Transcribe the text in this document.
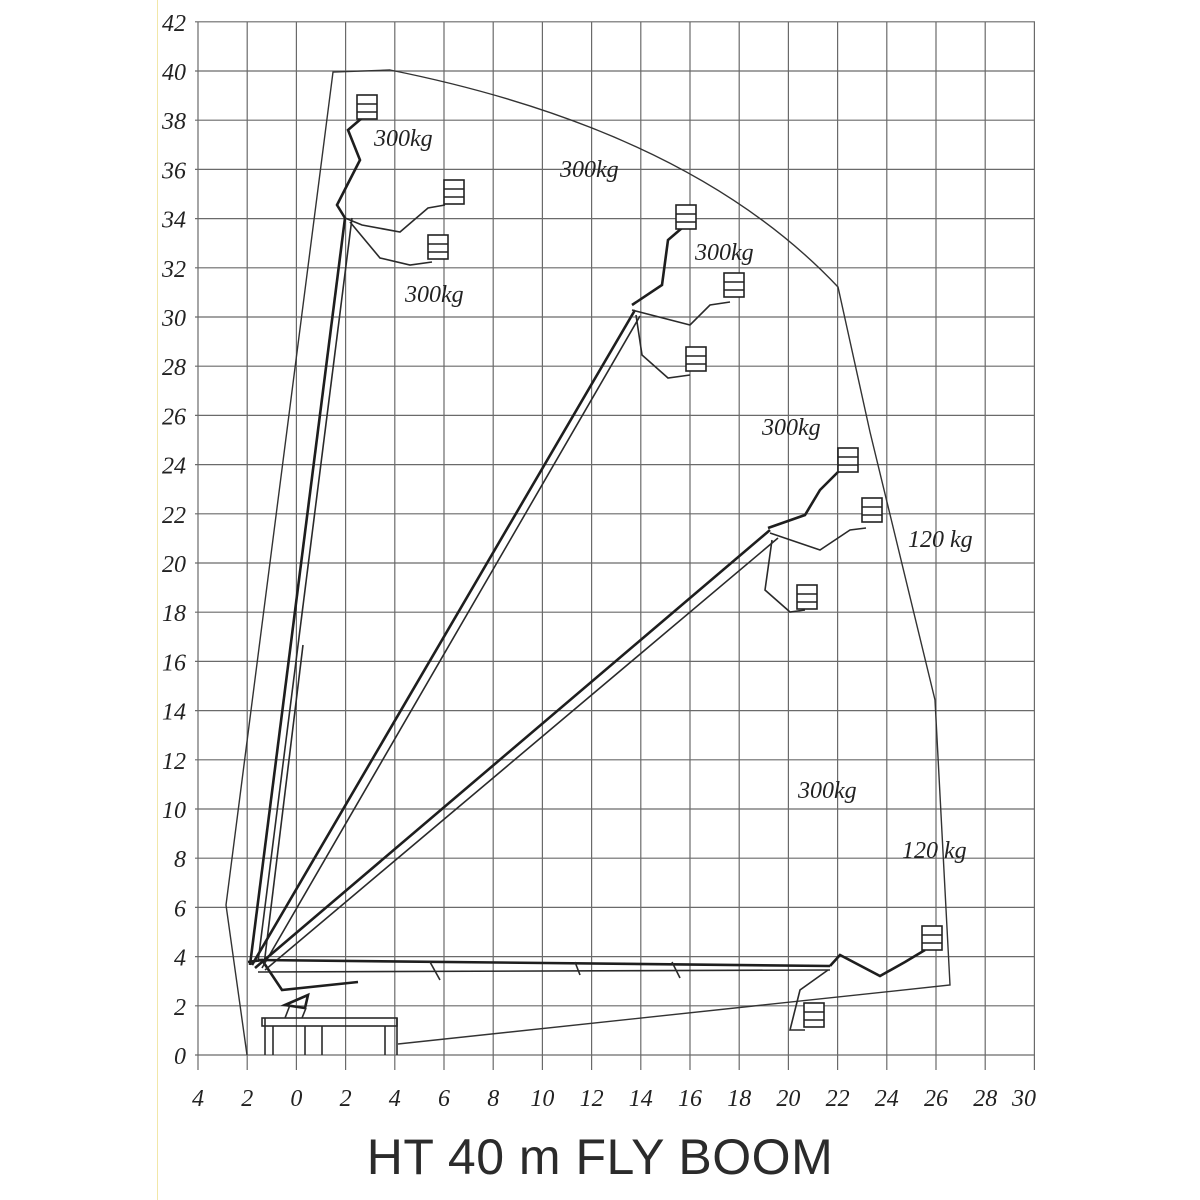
0
2
4
6
8
10
12
14
16
18
20
22
24
26
28
30
32
34
36
38
40
42
4 2 0 2 4 6 8 10 12 14 16 18 20 22 24 26 28 30
300kg
300kg
300kg
300kg
300kg
120 kg
300kg
120 kg
HT 40 m FLY BOOM
